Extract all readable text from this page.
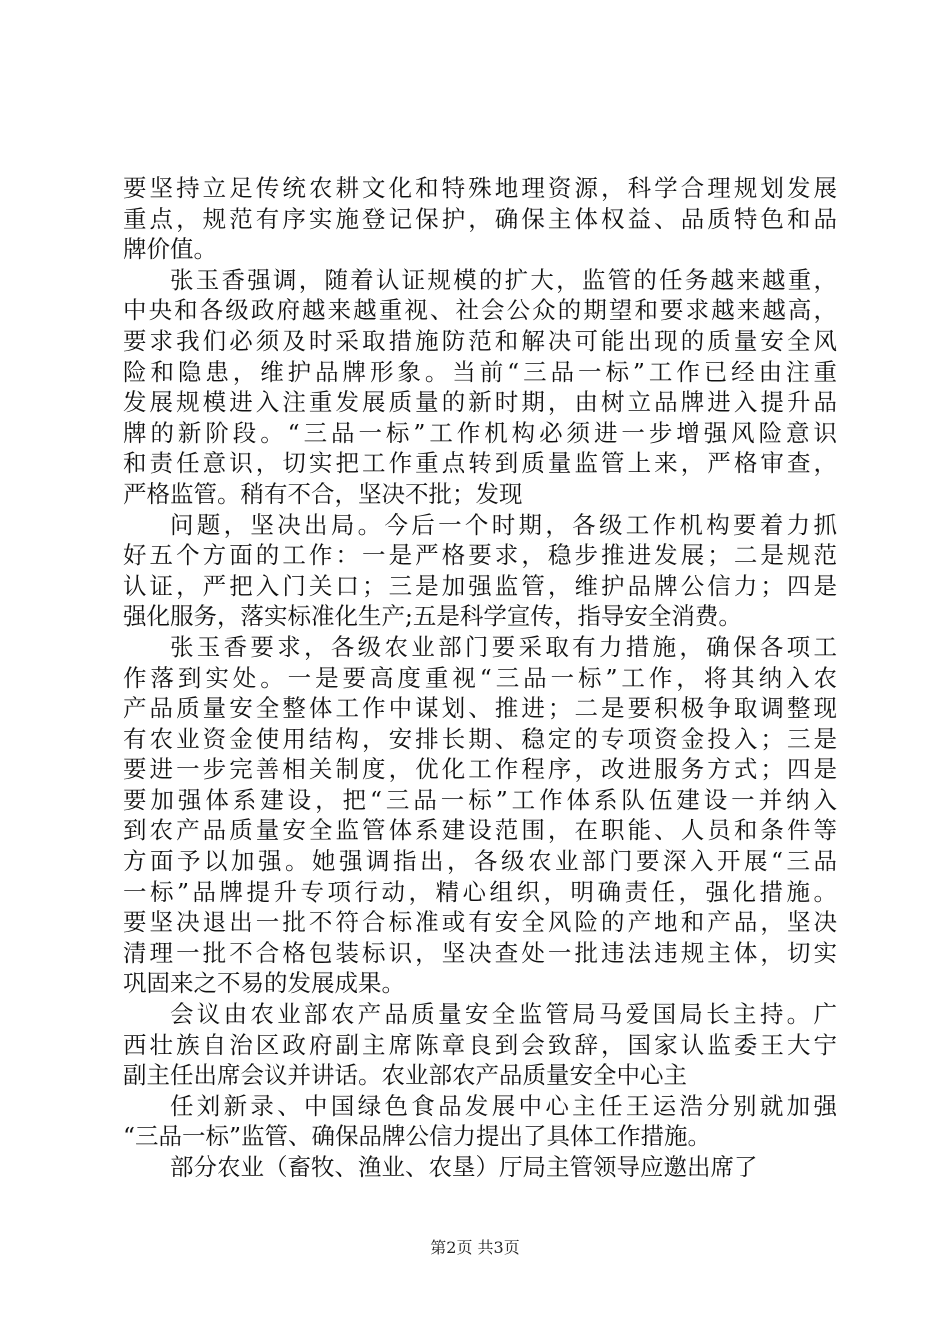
要坚持立足传统农耕文化和特殊地理资源，科学合理规划发展
重点，规范有序实施登记保护，确保主体权益、品质特色和品
牌价值。
张玉香强调，随着认证规模的扩大，监管的任务越来越重，
中央和各级政府越来越重视、社会公众的期望和要求越来越高，
要求我们必须及时采取措施防范和解决可能出现的质量安全风
险和隐患，维护品牌形象。当前“三品一标”工作已经由注重
发展规模进入注重发展质量的新时期，由树立品牌进入提升品
牌的新阶段。“三品一标”工作机构必须进一步增强风险意识
和责任意识，切实把工作重点转到质量监管上来，严格审查，
严格监管。稍有不合，坚决不批；发现
问题，坚决出局。今后一个时期，各级工作机构要着力抓
好五个方面的工作：一是严格要求，稳步推进发展；二是规范
认证，严把入门关口；三是加强监管，维护品牌公信力；四是
强化服务，落实标准化生产;五是科学宣传，指导安全消费。
张玉香要求，各级农业部门要采取有力措施，确保各项工
作落到实处。一是要高度重视“三品一标”工作，将其纳入农
产品质量安全整体工作中谋划、推进；二是要积极争取调整现
有农业资金使用结构，安排长期、稳定的专项资金投入；三是
要进一步完善相关制度，优化工作程序，改进服务方式；四是
要加强体系建设，把“三品一标”工作体系队伍建设一并纳入
到农产品质量安全监管体系建设范围，在职能、人员和条件等
方面予以加强。她强调指出，各级农业部门要深入开展“三品
一标”品牌提升专项行动，精心组织，明确责任，强化措施。
要坚决退出一批不符合标准或有安全风险的产地和产品，坚决
清理一批不合格包装标识，坚决查处一批违法违规主体，切实
巩固来之不易的发展成果。
会议由农业部农产品质量安全监管局马爱国局长主持。广
西壮族自治区政府副主席陈章良到会致辞，国家认监委王大宁
副主任出席会议并讲话。农业部农产品质量安全中心主
任刘新录、中国绿色食品发展中心主任王运浩分别就加强
“三品一标”监管、确保品牌公信力提出了具体工作措施。
部分农业（畜牧、渔业、农垦）厅局主管领导应邀出席了
第2页 共3页
